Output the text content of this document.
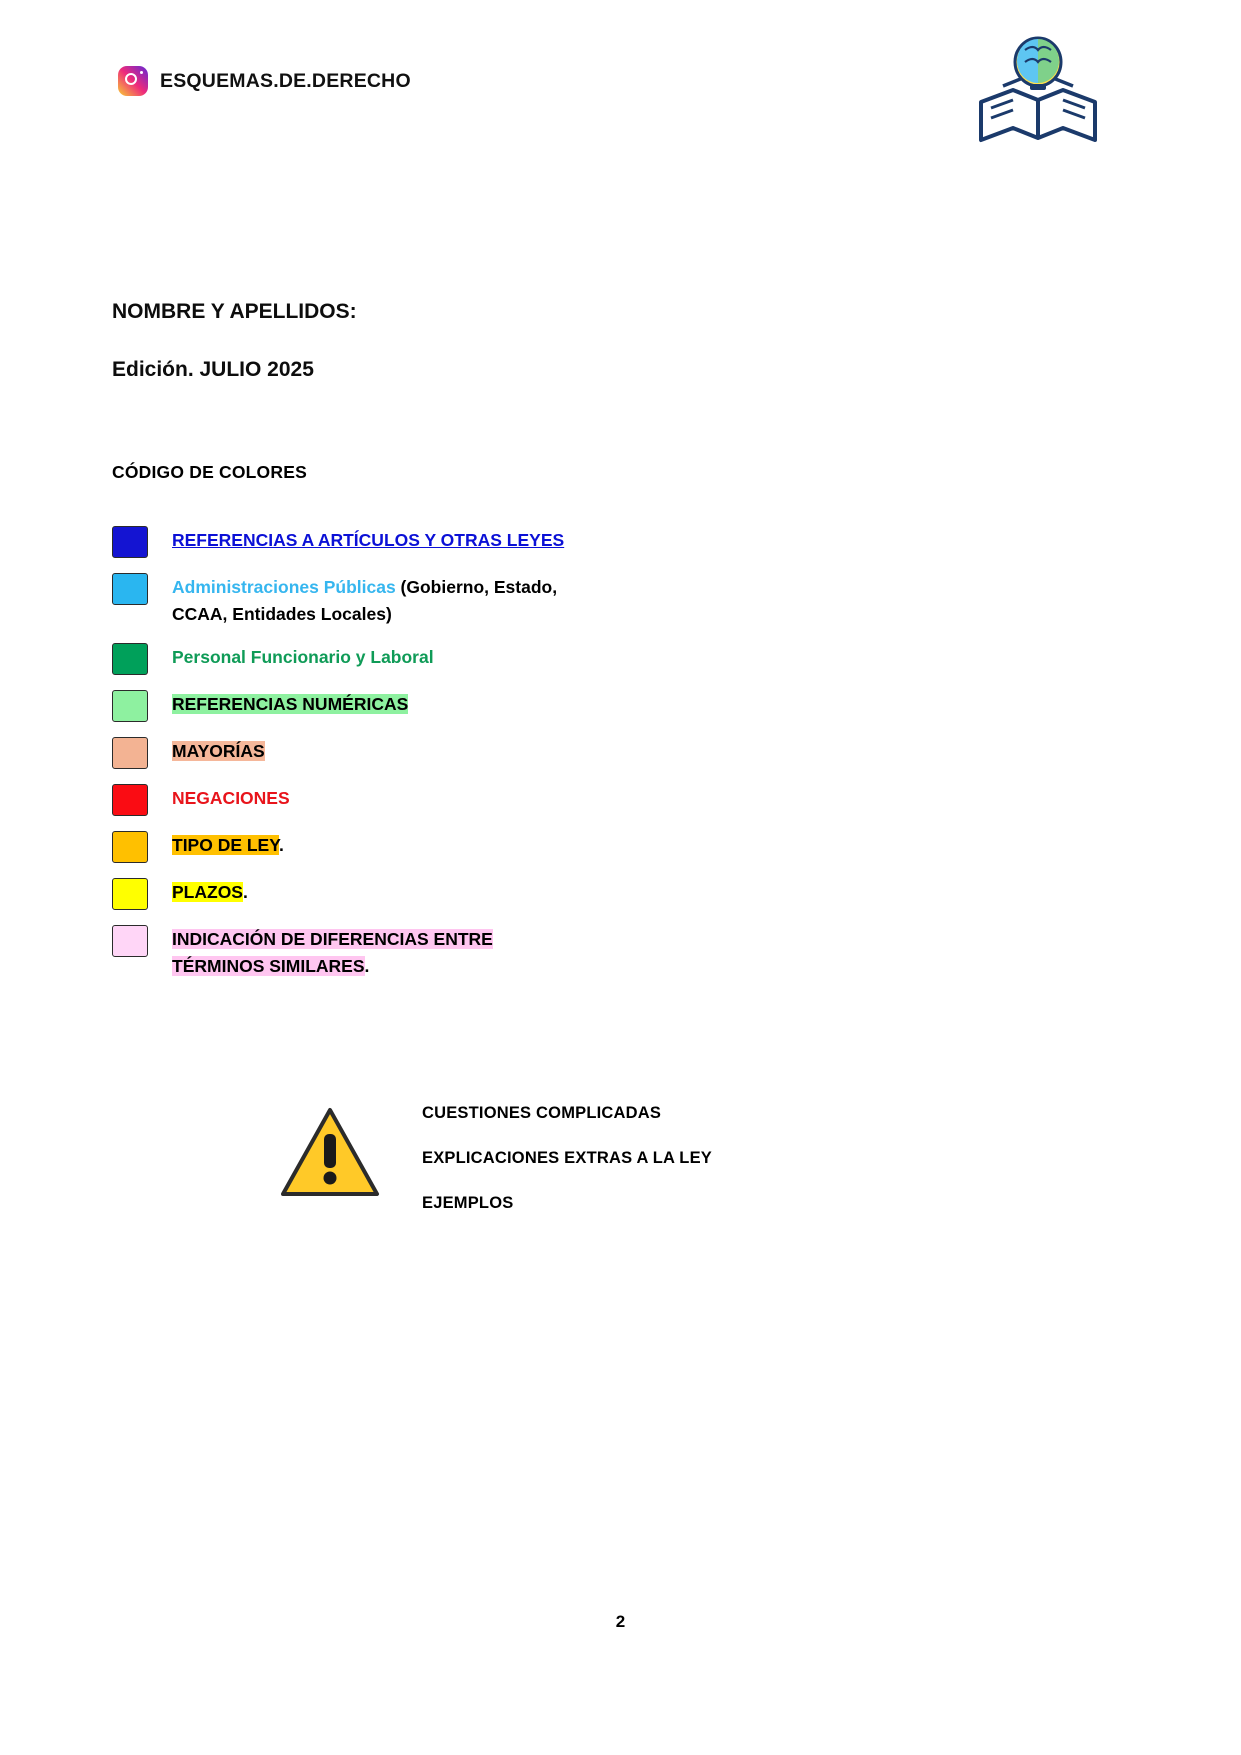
ESQUEMAS.DE.DERECHO
NOMBRE Y APELLIDOS:
Edición. JULIO 2025
CÓDIGO DE COLORES
REFERENCIAS A ARTÍCULOS Y OTRAS LEYES
Administraciones Públicas (Gobierno, Estado, CCAA, Entidades Locales)
Personal Funcionario y Laboral
REFERENCIAS NUMÉRICAS
MAYORÍAS
NEGACIONES
TIPO DE LEY.
PLAZOS.
INDICACIÓN DE DIFERENCIAS ENTRE TÉRMINOS SIMILARES.
CUESTIONES COMPLICADAS
EXPLICACIONES EXTRAS A LA LEY
EJEMPLOS
2
